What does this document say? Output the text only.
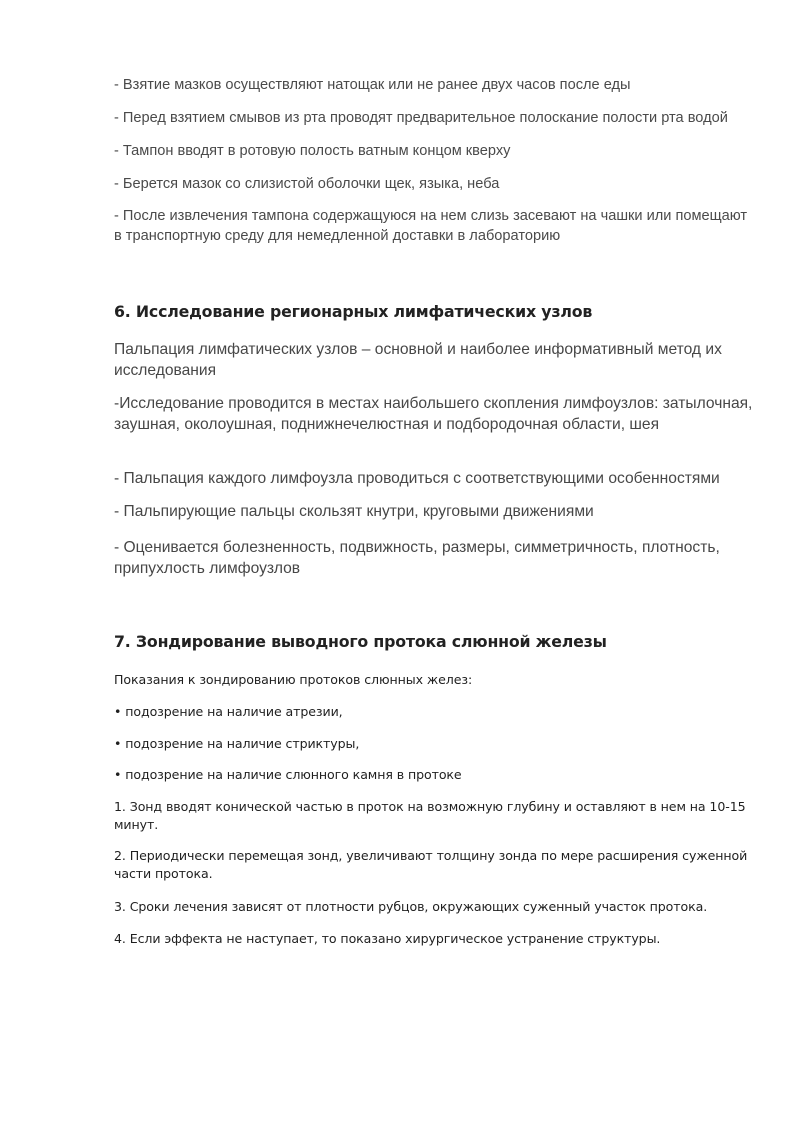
- Взятие мазков осуществляют натощак или не ранее двух часов после еды

- Перед взятием смывов из рта проводят предварительное полоскание полости рта водой

- Тампон вводят в ротовую полость ватным концом кверху

- Берется мазок со слизистой оболочки щек, языка, неба

- После извлечения тампона содержащуюся на нем слизь засевают на чашки или помещают в транспортную среду для немедленной доставки в лабораторию

6. Исследование регионарных лимфатических узлов

Пальпация лимфатических узлов – основной и наиболее информативный метод их исследования

-Исследование проводится в местах наибольшего скопления лимфоузлов: затылочная, заушная, околоушная, поднижнечелюстная и подбородочная области, шея

- Пальпация каждого лимфоузла проводиться с соответствующими особенностями

- Пальпирующие пальцы скользят кнутри, круговыми движениями

- Оценивается болезненность, подвижность, размеры, симметричность, плотность, припухлость лимфоузлов

7. Зондирование выводного протока слюнной железы

Показания к зондированию протоков слюнных желез:

• подозрение на наличие атрезии,

• подозрение на наличие стриктуры,

• подозрение на наличие слюнного камня в протоке

1. Зонд вводят конической частью в проток на возможную глубину и оставляют в нем на 10-15 минут.

2. Периодически перемещая зонд, увеличивают толщину зонда по мере расширения суженной части протока.

3. Сроки лечения зависят от плотности рубцов, окружающих суженный участок протока.

4. Если эффекта не наступает, то показано хирургическое устранение структуры.
